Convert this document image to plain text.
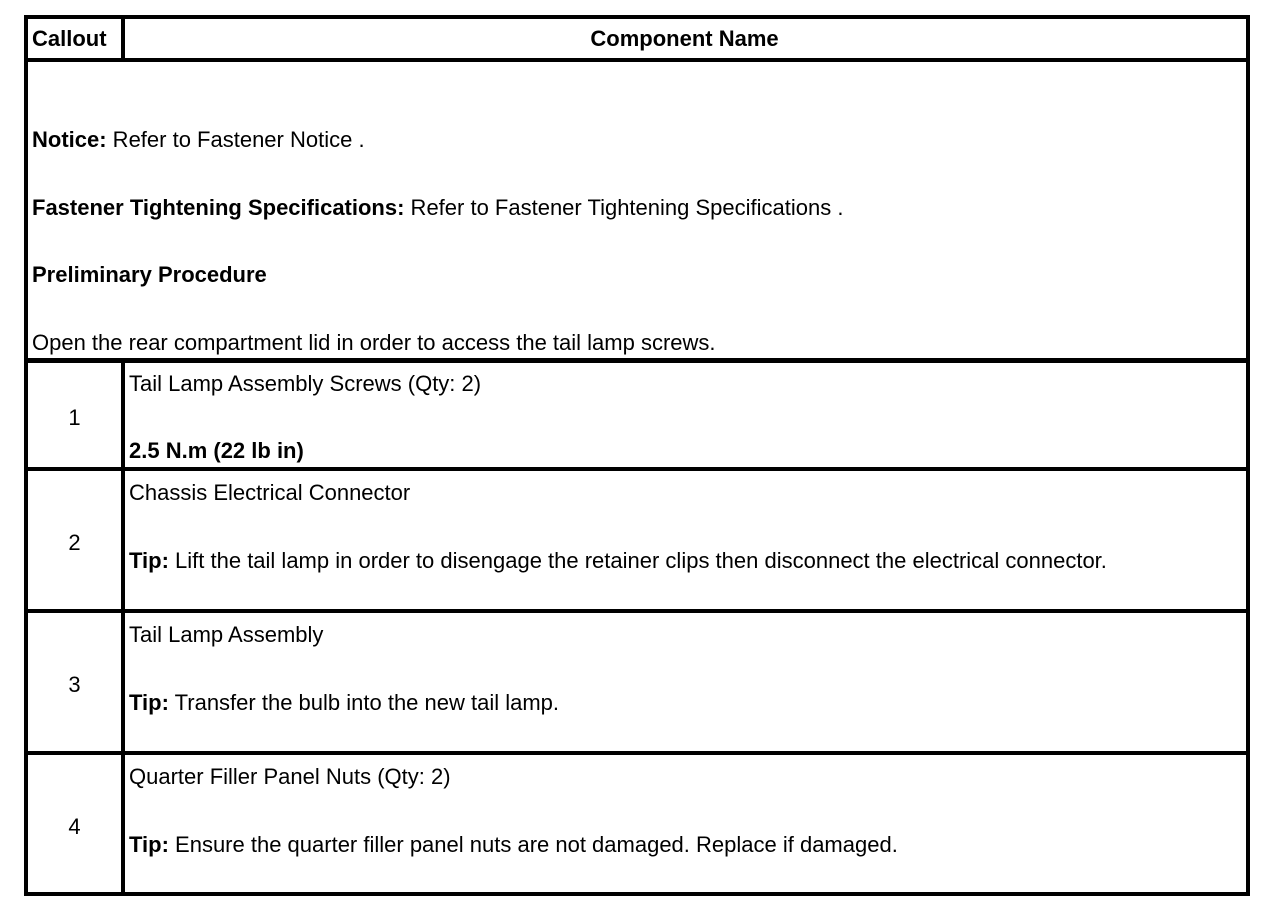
Callout	Component Name
Notice: Refer to Fastener Notice .
Fastener Tightening Specifications: Refer to Fastener Tightening Specifications .
Preliminary Procedure
Open the rear compartment lid in order to access the tail lamp screws.
1
Tail Lamp Assembly Screws (Qty: 2)
2.5 N.m (22 lb in)
2
Chassis Electrical Connector
Tip: Lift the tail lamp in order to disengage the retainer clips then disconnect the electrical connector.
3
Tail Lamp Assembly
Tip: Transfer the bulb into the new tail lamp.
4
Quarter Filler Panel Nuts (Qty: 2)
Tip: Ensure the quarter filler panel nuts are not damaged. Replace if damaged.
